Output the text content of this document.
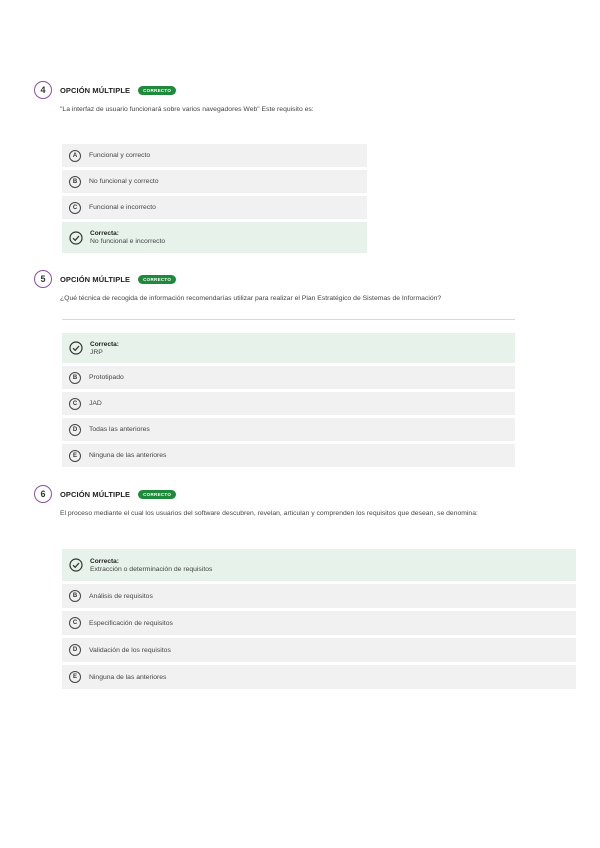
4	OPCIÓN MÚLTIPLE	CORRECTO
"La interfaz de usuario funcionará sobre varios navegadores Web" Este requisito es:
A	Funcional y correcto
B	No funcional y correcto
C	Funcional e incorrecto
Correcta:
No funcional e incorrecto
5	OPCIÓN MÚLTIPLE	CORRECTO
¿Qué técnica de recogida de información recomendarías utilizar para realizar el Plan Estratégico de Sistemas de Información?
Correcta:
JRP
B	Prototipado
C	JAD
D	Todas las anteriores
E	Ninguna de las anteriores
6	OPCIÓN MÚLTIPLE	CORRECTO
El proceso mediante el cual los usuarios del software descubren, revelan, articulan y comprenden los requisitos que desean, se denomina:
Correcta:
Extracción o determinación de requisitos
B	Análisis de requisitos
C	Especificación de requisitos
D	Validación de los requisitos
E	Ninguna de las anteriores
